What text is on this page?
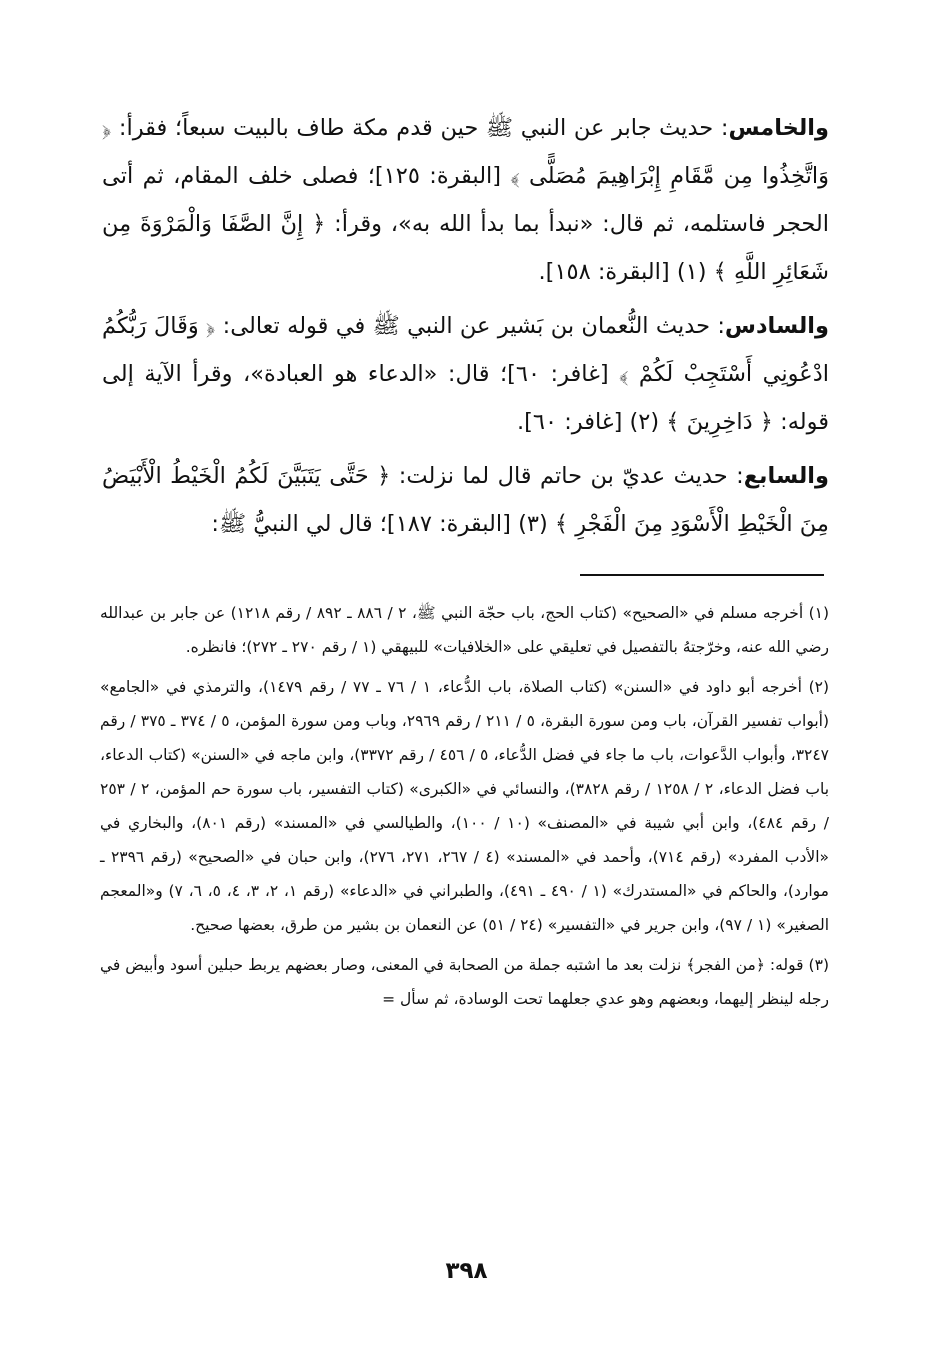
والخامس: حديث جابر عن النبي ﷺ حين قدم مكة طاف بالبيت سبعاً؛ فقرأ: ﴿ وَاتَّخِذُوا مِن مَّقَامِ إِبْرَاهِيمَ مُصَلًّى ﴾ [البقرة: ١٢٥]؛ فصلى خلف المقام، ثم أتى الحجر فاستلمه، ثم قال: «نبدأ بما بدأ الله به»، وقرأ: ﴿ إِنَّ الصَّفَا وَالْمَرْوَةَ مِن شَعَائِرِ اللَّهِ ﴾ (١) [البقرة: ١٥٨].

والسادس: حديث النُّعمان بن بَشير عن النبي ﷺ في قوله تعالى: ﴿ وَقَالَ رَبُّكُمُ ادْعُونِي أَسْتَجِبْ لَكُمْ ﴾ [غافر: ٦٠]؛ قال: «الدعاء هو العبادة»، وقرأ الآية إلى قوله: ﴿ دَاخِرِينَ ﴾ (٢) [غافر: ٦٠].

والسابع: حديث عديّ بن حاتم قال لما نزلت: ﴿ حَتَّى يَتَبَيَّنَ لَكُمُ الْخَيْطُ الْأَبْيَضُ مِنَ الْخَيْطِ الْأَسْوَدِ مِنَ الْفَجْرِ ﴾ (٣) [البقرة: ١٨٧]؛ قال لي النبيُّ ﷺ:

(١) أخرجه مسلم في «الصحيح» (كتاب الحج، باب حجّة النبي ﷺ، ٢ / ٨٨٦ ـ ٨٩٢ / رقم ١٢١٨) عن جابر بن عبدالله رضي الله عنه، وخرّجتهُ بالتفصيل في تعليقي على «الخلافيات» للبيهقي (١ / رقم ٢٧٠ ـ ٢٧٢)؛ فانظره.

(٢) أخرجه أبو داود في «السنن» (كتاب الصلاة، باب الدُّعاء، ١ / ٧٦ ـ ٧٧ / رقم ١٤٧٩)، والترمذي في «الجامع» (أبواب تفسير القرآن، باب ومن سورة البقرة، ٥ / ٢١١ / رقم ٢٩٦٩، وباب ومن سورة المؤمن، ٥ / ٣٧٤ ـ ٣٧٥ / رقم ٣٢٤٧، وأبواب الدَّعوات، باب ما جاء في فضل الدُّعاء، ٥ / ٤٥٦ / رقم ٣٣٧٢)، وابن ماجه في «السنن» (كتاب الدعاء، باب فضل الدعاء، ٢ / ١٢٥٨ / رقم ٣٨٢٨)، والنسائي في «الكبرى» (كتاب التفسير، باب سورة حم المؤمن، ٢ / ٢٥٣ / رقم ٤٨٤)، وابن أبي شيبة في «المصنف» (١٠ / ١٠٠)، والطيالسي في «المسند» (رقم ٨٠١)، والبخاري في «الأدب المفرد» (رقم ٧١٤)، وأحمد في «المسند» (٤ / ٢٦٧، ٢٧١، ٢٧٦)، وابن حبان في «الصحيح» (رقم ٢٣٩٦ ـ موارد)، والحاكم في «المستدرك» (١ / ٤٩٠ ـ ٤٩١)، والطبراني في «الدعاء» (رقم ١، ٢، ٣، ٤، ٥، ٦، ٧) و«المعجم الصغير» (١ / ٩٧)، وابن جرير في «التفسير» (٢٤ / ٥١) عن النعمان بن بشير من طرق، بعضها صحيح.

(٣) قوله: ﴿من الفجر﴾ نزلت بعد ما اشتبه جملة من الصحابة في المعنى، وصار بعضهم يربط حبلين أسود وأبيض في رجله لينظر إليهما، وبعضهم وهو عدي جعلهما تحت الوسادة، ثم سأل =

٣٩٨
